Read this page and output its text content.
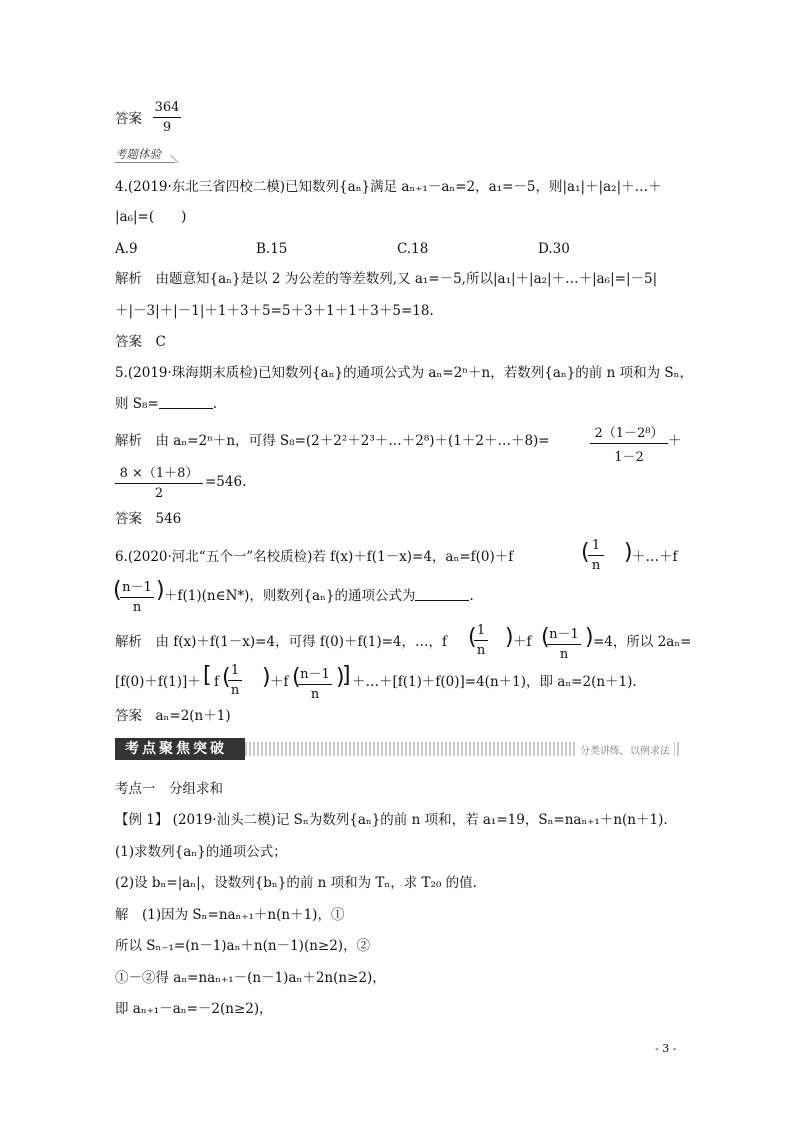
答案
364
9
考题体验
4.(2019·东北三省四校二模)已知数列{aₙ}满足 aₙ₊₁－aₙ=2，a₁=－5，则|a₁|＋|a₂|＋…＋
|a₆|=(　　)
A.9	B.15	C.18	D.30
解析　由题意知{aₙ}是以 2 为公差的等差数列,又 a₁=－5,所以|a₁|＋|a₂|＋…＋|a₆|=|－5|
＋|－3|＋|－1|＋1＋3＋5=5＋3＋1＋1＋3＋5=18.
答案　C
5.(2019·珠海期末质检)已知数列{aₙ}的通项公式为 aₙ=2ⁿ＋n，若数列{aₙ}的前 n 项和为 Sₙ，
则 S₈=	.
解析　由 aₙ=2ⁿ＋n，可得 S₈=(2＋2²＋2³＋…＋2⁸)＋(1＋2＋…＋8)=	2（1－2⁸）
1－2
＋
8 ×（1＋8）
2
=546.
答案　546
6.(2020·河北“五个一”名校质检)若 f(x)＋f(1－x)=4，aₙ=f(0)＋f	( 1
n
) ＋…＋f
( n－1
n
) ＋f(1)(n∈N*)，则数列{aₙ}的通项公式为	.
解析　由 f(x)＋f(1－x)=4，可得 f(0)＋f(1)=4，…，f ( 1
n
) ＋f ( n－1
n
) =4，所以 2aₙ=
[f(0)＋f(1)]＋ [ f ( 1
n
) ＋f ( n－1
n
)
] ＋…＋[f(1)＋f(0)]=4(n＋1)，即 aₙ=2(n＋1).
答案　aₙ=2(n＋1)
考点聚焦突破	分类讲练，以例求法
考点一　分组求和
【例 1】 (2019·汕头二模)记 Sₙ为数列{aₙ}的前 n 项和，若 a₁=19，Sₙ=naₙ₊₁＋n(n＋1).
(1)求数列{aₙ}的通项公式；
(2)设 bₙ=|aₙ|，设数列{bₙ}的前 n 项和为 Tₙ，求 T₂₀ 的值.
解　(1)因为 Sₙ=naₙ₊₁＋n(n＋1)，①
所以 Sₙ₋₁=(n－1)aₙ＋n(n－1)(n≥2)，②
①－②得 aₙ=naₙ₊₁－(n－1)aₙ＋2n(n≥2)，
即 aₙ₊₁－aₙ=－2(n≥2)，
- 3 -
